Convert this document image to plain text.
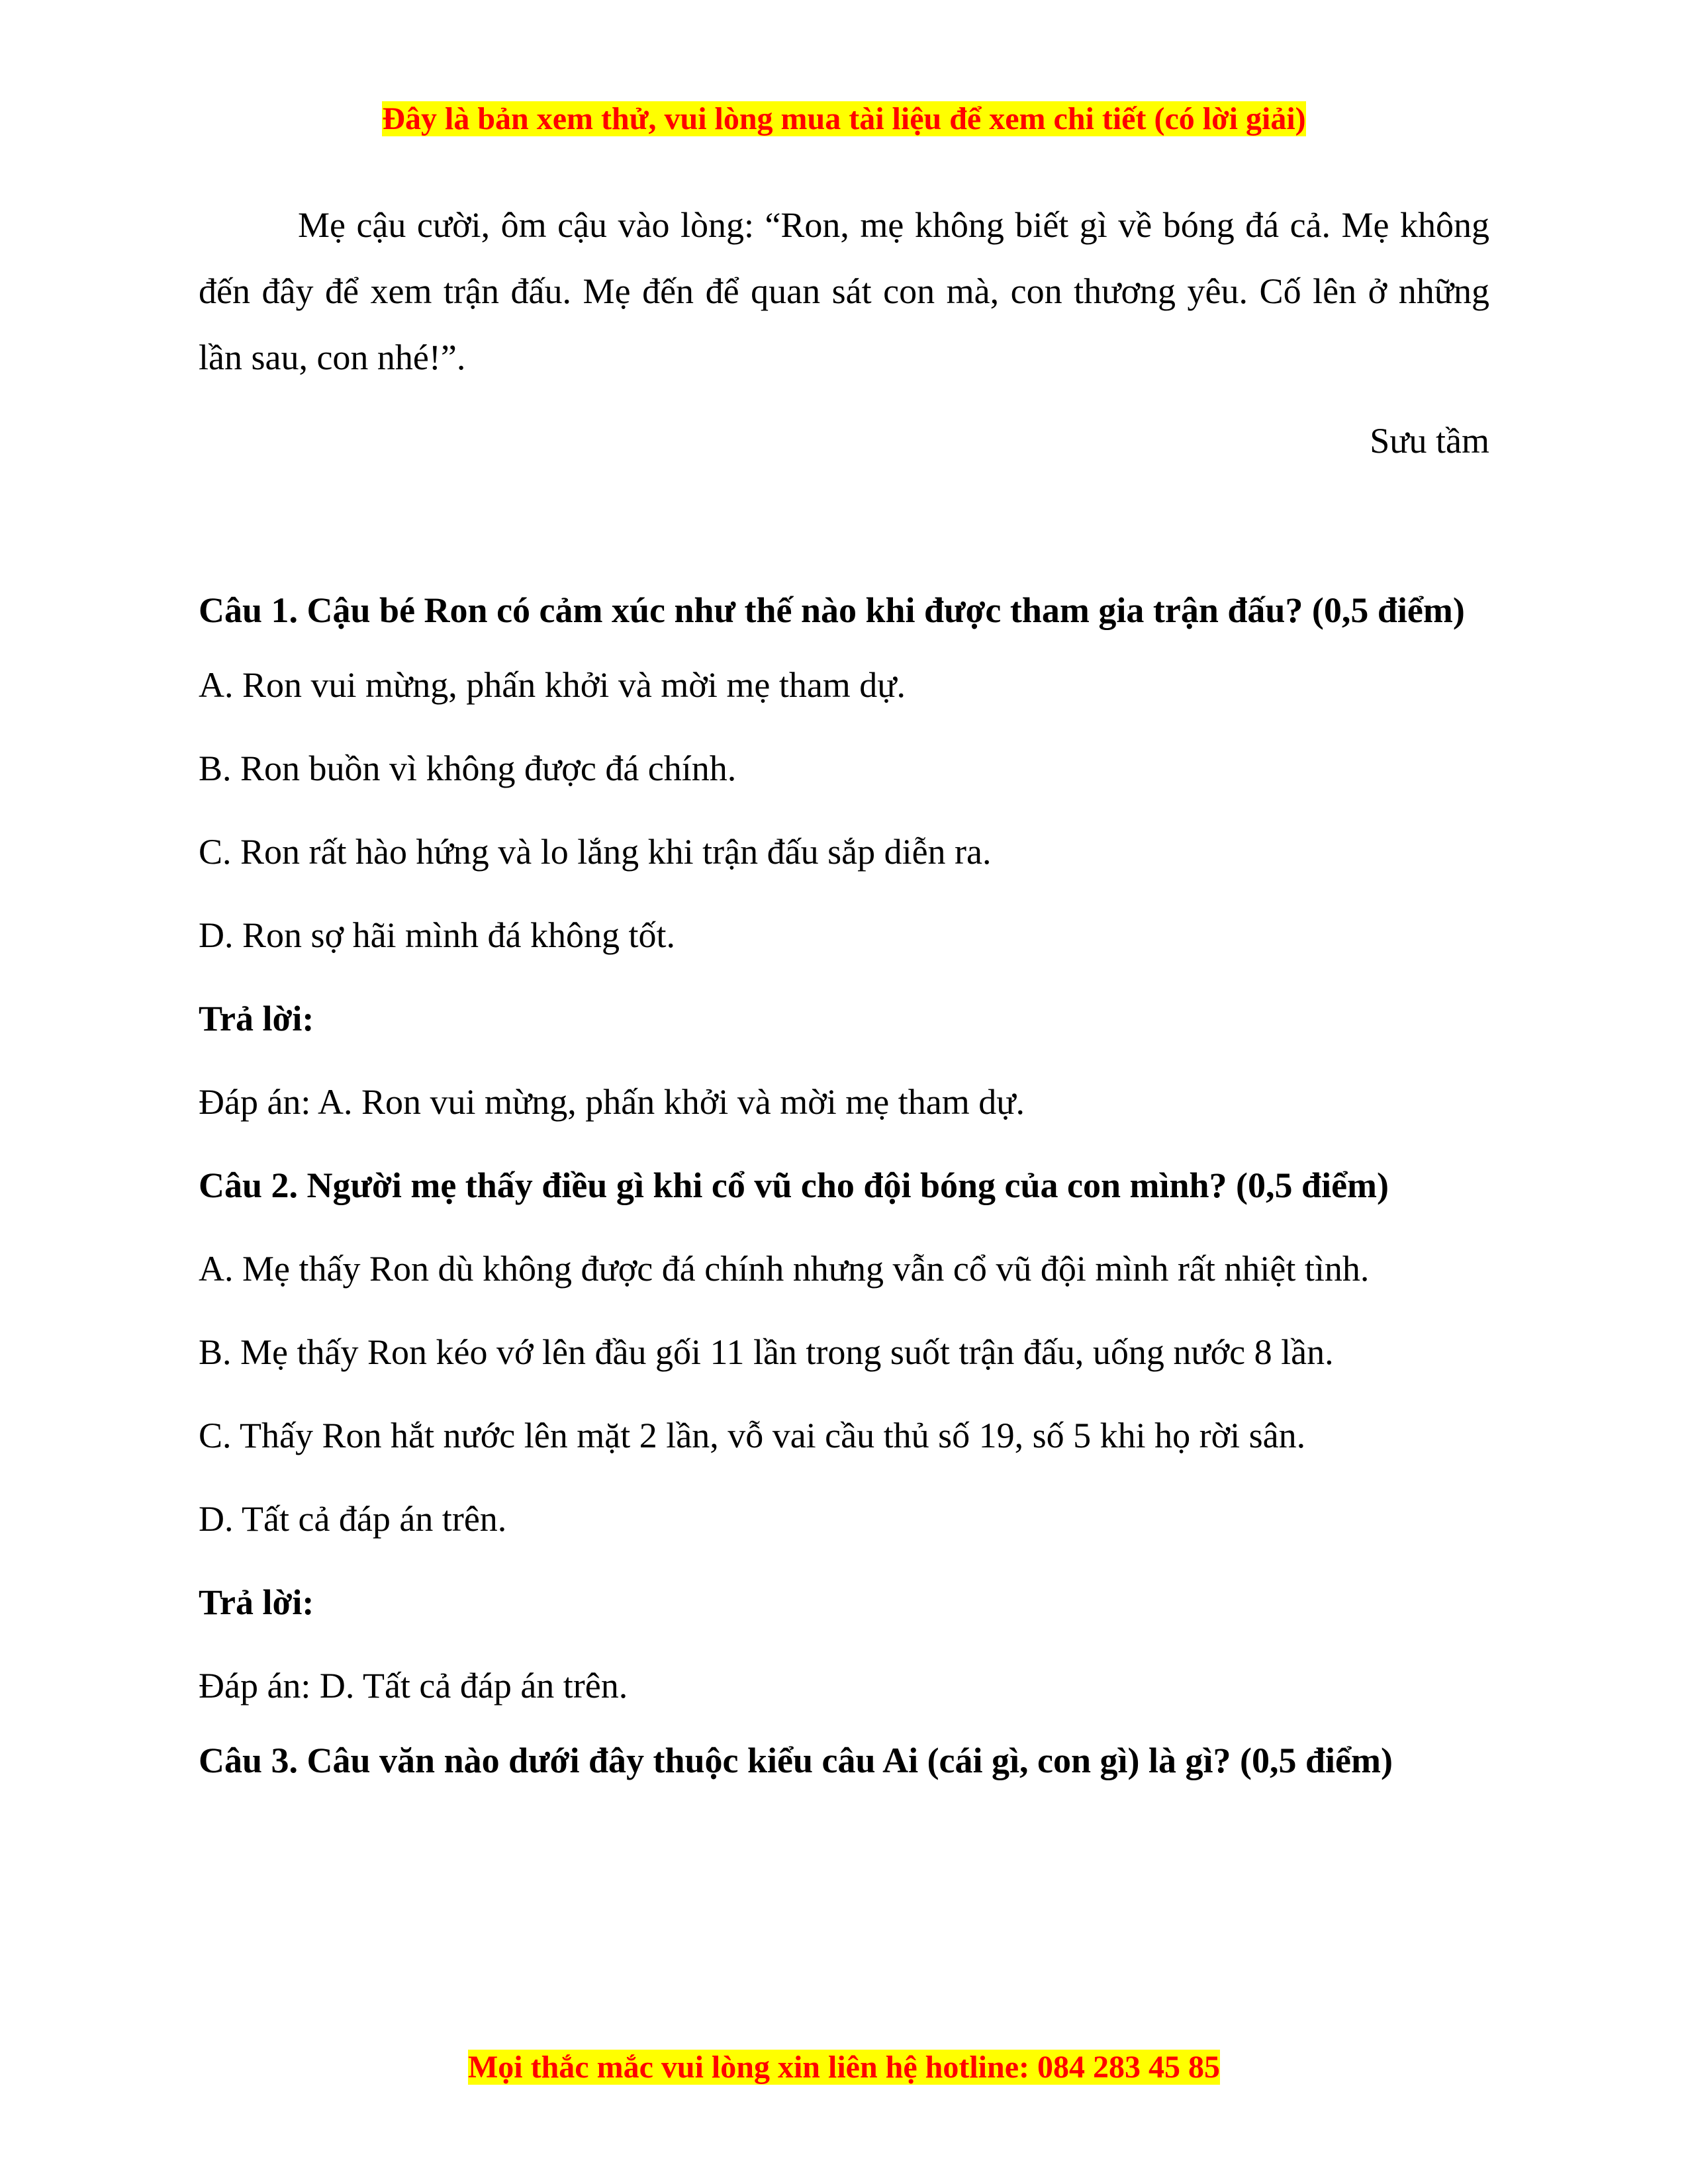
Đây là bản xem thử, vui lòng mua tài liệu để xem chi tiết (có lời giải)

Mẹ cậu cười, ôm cậu vào lòng: “Ron, mẹ không biết gì về bóng đá cả. Mẹ không đến đây để xem trận đấu. Mẹ đến để quan sát con mà, con thương yêu. Cố lên ở những lần sau, con nhé!”.

Sưu tầm

Câu 1. Cậu bé Ron có cảm xúc như thế nào khi được tham gia trận đấu? (0,5 điểm)

A. Ron vui mừng, phấn khởi và mời mẹ tham dự.

B. Ron buồn vì không được đá chính.

C. Ron rất hào hứng và lo lắng khi trận đấu sắp diễn ra.

D. Ron sợ hãi mình đá không tốt.

Trả lời:

Đáp án: A. Ron vui mừng, phấn khởi và mời mẹ tham dự.

Câu 2. Người mẹ thấy điều gì khi cổ vũ cho đội bóng của con mình? (0,5 điểm)

A. Mẹ thấy Ron dù không được đá chính nhưng vẫn cổ vũ đội mình rất nhiệt tình.

B. Mẹ thấy Ron kéo vớ lên đầu gối 11 lần trong suốt trận đấu, uống nước 8 lần.

C. Thấy Ron hắt nước lên mặt 2 lần, vỗ vai cầu thủ số 19, số 5 khi họ rời sân.

D. Tất cả đáp án trên.

Trả lời:

Đáp án: D. Tất cả đáp án trên.

Câu 3. Câu văn nào dưới đây thuộc kiểu câu Ai (cái gì, con gì) là gì? (0,5 điểm)

Mọi thắc mắc vui lòng xin liên hệ hotline: 084 283 45 85
